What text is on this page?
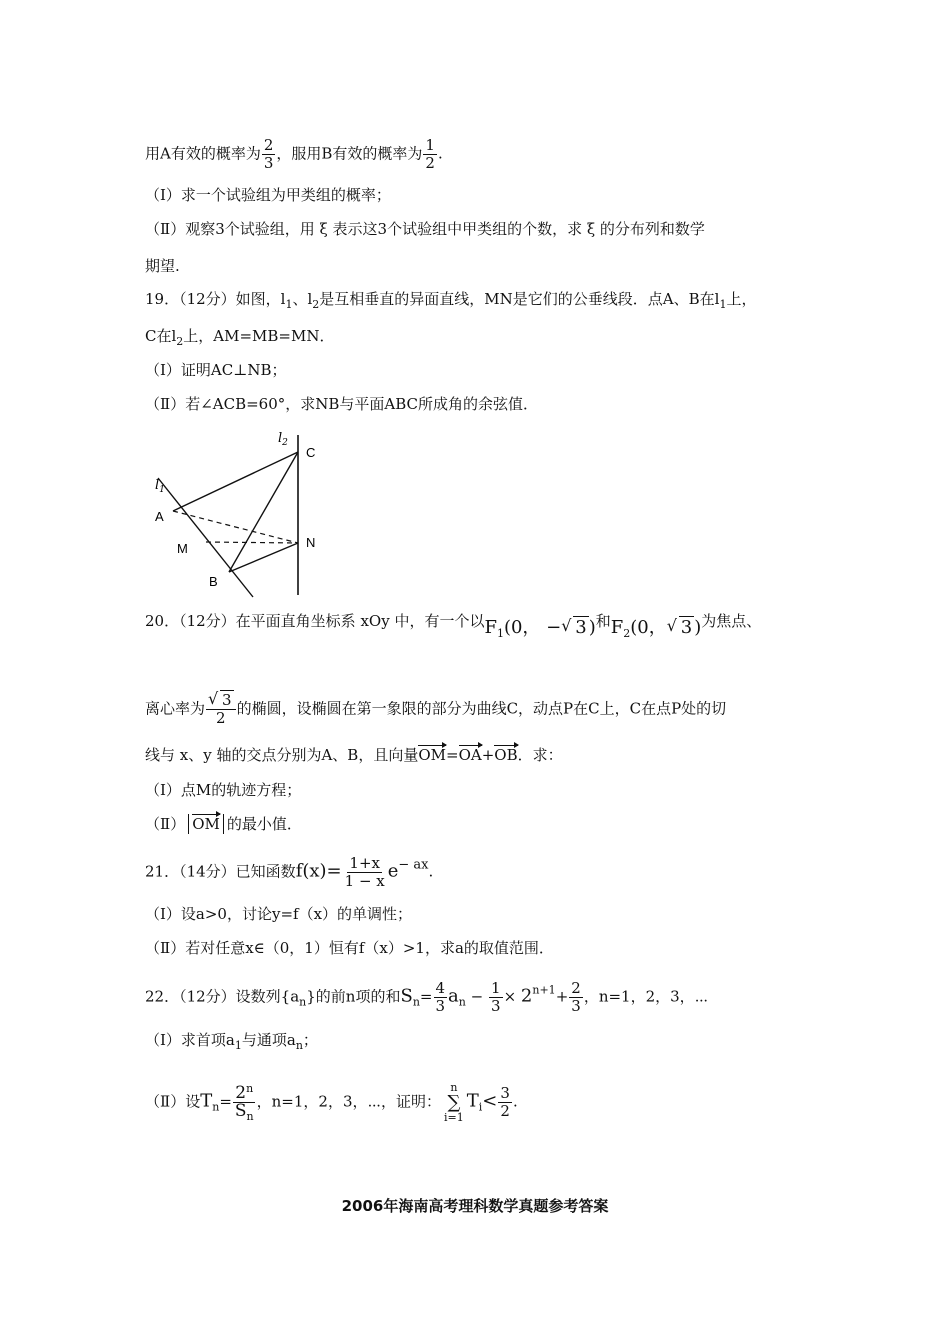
用A有效的概率为 $\frac{2}{3}$ ，服用B有效的概率为 $\frac{1}{2}$ .
（Ⅰ）求一个试验组为甲类组的概率；
（Ⅱ）观察3个试验组，用 ξ 表示这3个试验组中甲类组的个数，求 ξ 的分布列和数学
期望.
19．（12分）如图，$l_1$、$l_2$是互相垂直的异面直线，MN是它们的公垂线段．点A、B在$l_1$上，
C在$l_2$上，AM=MB=MN．
（Ⅰ）证明AC⊥NB；
（Ⅱ）若∠ACB=60°，求NB与平面ABC所成角的余弦值．
$l_1$
$l_2$
A
M
B
C
N
20．（12分）在平面直角坐标系 xOy 中，有一个以$F_1(0$， − √ 3 )和$F_2(0$， √ 3 )为焦点、
离心率为 $\frac{√ 3}{2}$ 的椭圆，设椭圆在第一象限的部分为曲线C，动点P在C上，C在点P处的切
线与 x、y 轴的交点分别为A、B，且向量OM=OA+OB．求：
（Ⅰ）点M的轨迹方程；
（Ⅱ） OM 的最小值．
21．（14分）已知函数$f(x)= \frac{1+x}{1 - x} e-$ ax.
（Ⅰ）设a>0，讨论y=f（x）的单调性；
（Ⅱ）若对任意x∈（0，1）恒有f（x）>1，求a的取值范围．
22．（12分）设数列$\{a_n\}$的前n项的和$S_n= \frac{4}{3} a_n - \frac{1}{3} \times 2^{n+1}+ \frac{2}{3}$ ，n=1，2，3，⋯
（Ⅰ）求首项$a_1$与通项$a_n$；
（Ⅱ）设$T_n= \frac{2^n}{S_n}$ ，n=1，2，3，⋯，证明：
n
∑
i=1
$T_i< \frac{3}{2}$ .
2006年海南高考理科数学真题参考答案
